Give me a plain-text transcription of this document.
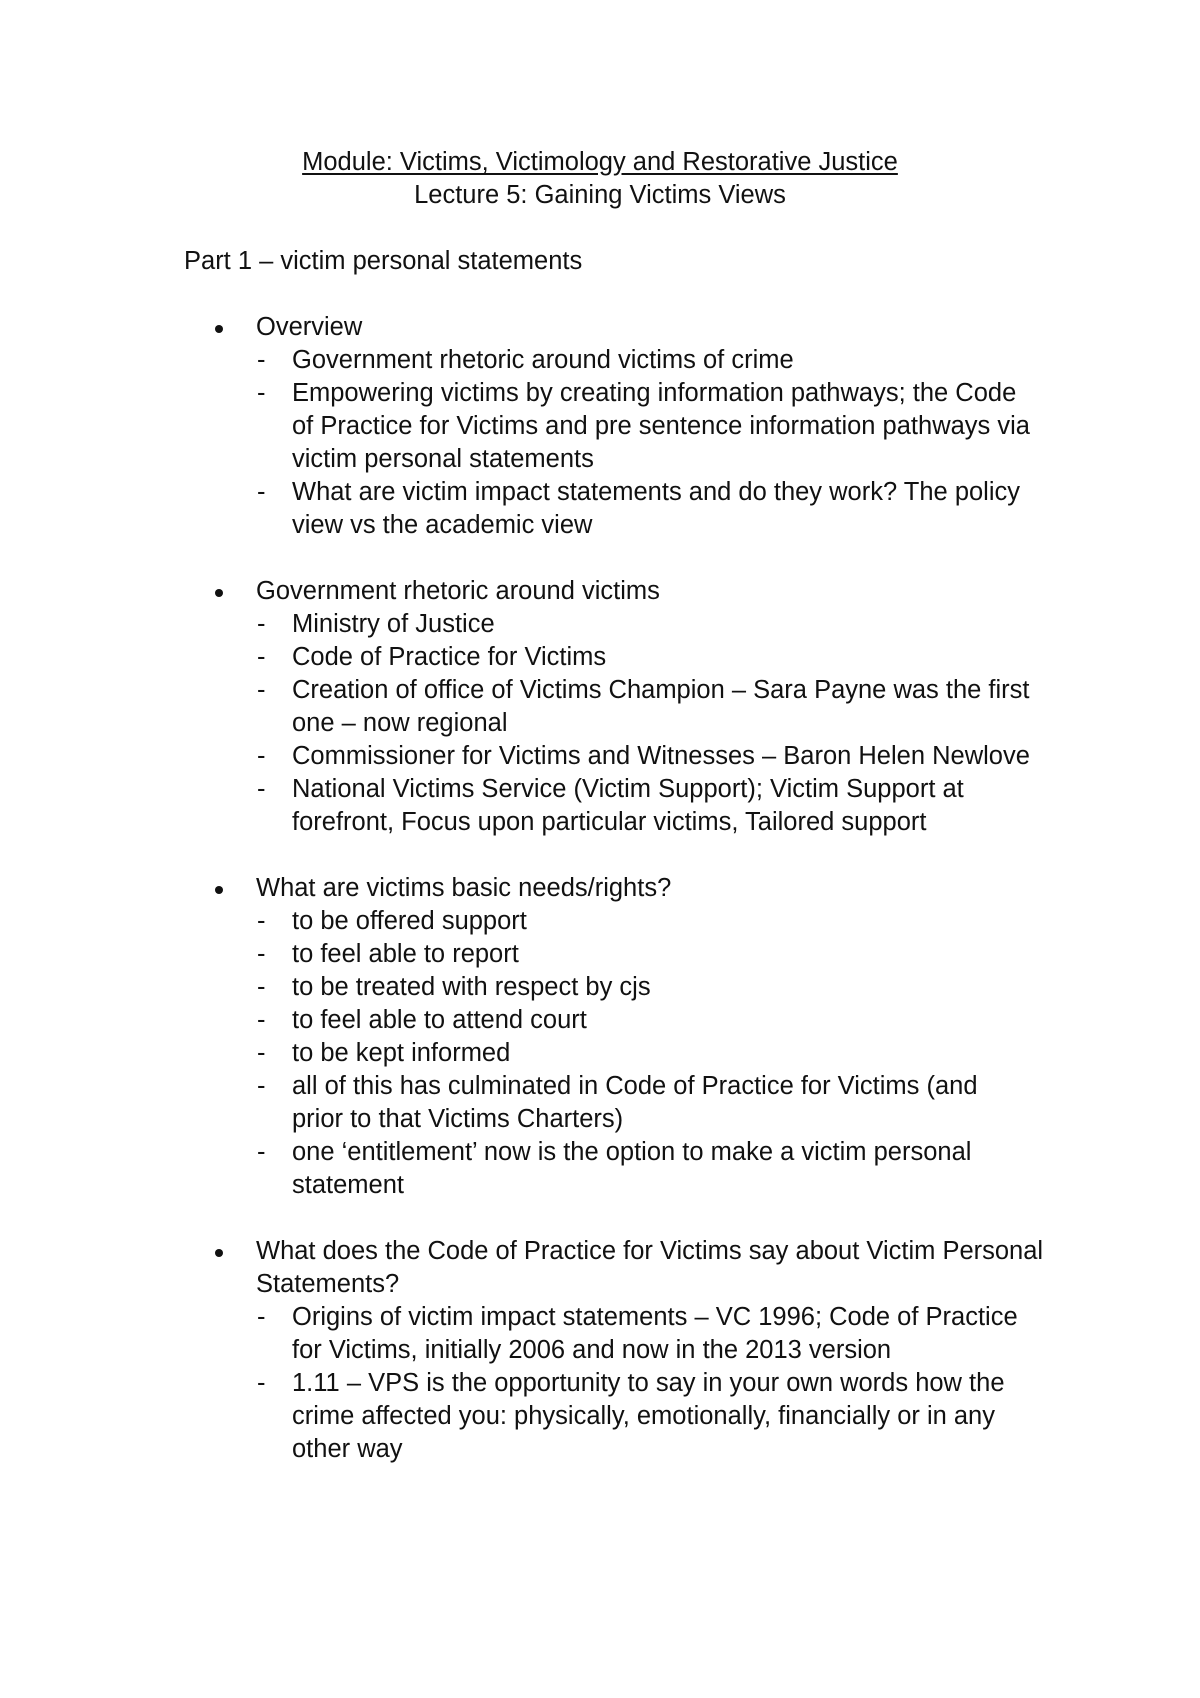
Module: Victims, Victimology and Restorative Justice
Lecture 5: Gaining Victims Views
Part 1 – victim personal statements
Overview
- Government rhetoric around victims of crime
- Empowering victims by creating information pathways; the Code of Practice for Victims and pre sentence information pathways via victim personal statements
- What are victim impact statements and do they work? The policy view vs the academic view
Government rhetoric around victims
- Ministry of Justice
- Code of Practice for Victims
- Creation of office of Victims Champion – Sara Payne was the first one – now regional
- Commissioner for Victims and Witnesses – Baron Helen Newlove
- National Victims Service (Victim Support); Victim Support at forefront, Focus upon particular victims, Tailored support
What are victims basic needs/rights?
- to be offered support
- to feel able to report
- to be treated with respect by cjs
- to feel able to attend court
- to be kept informed
- all of this has culminated in Code of Practice for Victims (and prior to that Victims Charters)
- one ‘entitlement’ now is the option to make a victim personal statement
What does the Code of Practice for Victims say about Victim Personal Statements?
- Origins of victim impact statements – VC 1996; Code of Practice for Victims, initially 2006 and now in the 2013 version
- 1.11 – VPS is the opportunity to say in your own words how the crime affected you: physically, emotionally, financially or in any other way
